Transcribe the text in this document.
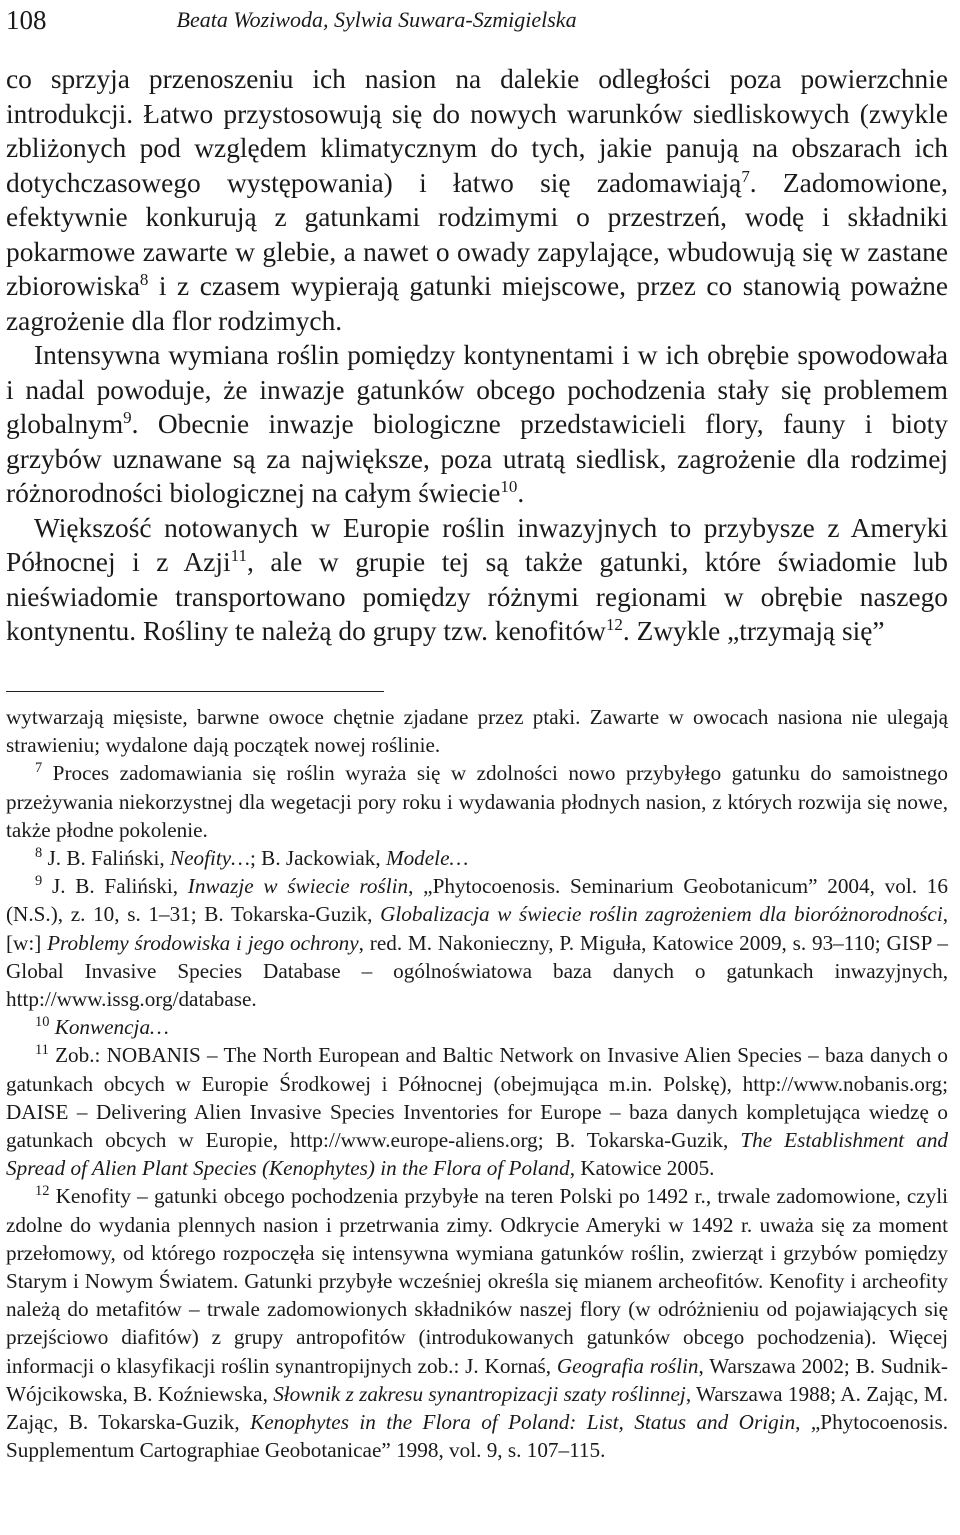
108	Beata Woziwoda, Sylwia Suwara-Szmigielska

co sprzyja przenoszeniu ich nasion na dalekie odległości poza powierzchnie introdukcji. Łatwo przystosowują się do nowych warunków siedliskowych (zwykle zbliżonych pod względem klimatycznym do tych, jakie panują na obszarach ich dotychczasowego występowania) i łatwo się zadomawiają$^7$. Zadomowione, efektywnie konkurują z gatunkami rodzimymi o przestrzeń, wodę i składniki pokarmowe zawarte w glebie, a nawet o owady zapylające, wbudowują się w zastane zbiorowiska$^8$ i z czasem wypierają gatunki miejscowe, przez co stanowią poważne zagrożenie dla flor rodzimych.

Intensywna wymiana roślin pomiędzy kontynentami i w ich obrębie spowodowała i nadal powoduje, że inwazje gatunków obcego pochodzenia stały się problemem globalnym$^9$. Obecnie inwazje biologiczne przedstawicieli flory, fauny i bioty grzybów uznawane są za największe, poza utratą siedlisk, zagrożenie dla rodzimej różnorodności biologicznej na całym świecie$^{10}$.

Większość notowanych w Europie roślin inwazyjnych to przybysze z Ameryki Północnej i z Azji$^{11}$, ale w grupie tej są także gatunki, które świadomie lub nieświadomie transportowano pomiędzy różnymi regionami w obrębie naszego kontynentu. Rośliny te należą do grupy tzw. kenofitów$^{12}$. Zwykle „trzymają się”

wytwarzają mięsiste, barwne owoce chętnie zjadane przez ptaki. Zawarte w owocach nasiona nie ulegają strawieniu; wydalone dają początek nowej roślinie.

$^7$ Proces zadomawiania się roślin wyraża się w zdolności nowo przybyłego gatunku do samoistnego przeżywania niekorzystnej dla wegetacji pory roku i wydawania płodnych nasion, z których rozwija się nowe, także płodne pokolenie.

$^8$ J. B. Faliński, Neofity…; B. Jackowiak, Modele…

$^9$ J. B. Faliński, Inwazje w świecie roślin, „Phytocoenosis. Seminarium Geobotanicum” 2004, vol. 16 (N.S.), z. 10, s. 1–31; B. Tokarska-Guzik, Globalizacja w świecie roślin zagrożeniem dla bioróżnorodności, [w:] Problemy środowiska i jego ochrony, red. M. Nakonieczny, P. Miguła, Katowice 2009, s. 93–110; GISP – Global Invasive Species Database – ogólnoświatowa baza danych o gatunkach inwazyjnych, http://www.issg.org/database.

$^{10}$ Konwencja…

$^{11}$ Zob.: NOBANIS – The North European and Baltic Network on Invasive Alien Species – baza danych o gatunkach obcych w Europie Środkowej i Północnej (obejmująca m.in. Polskę), http://www.nobanis.org; DAISE – Delivering Alien Invasive Species Inventories for Europe – baza danych kompletująca wiedzę o gatunkach obcych w Europie, http://www.europe-aliens.org; B. Tokarska-Guzik, The Establishment and Spread of Alien Plant Species (Kenophytes) in the Flora of Poland, Katowice 2005.

$^{12}$ Kenofity – gatunki obcego pochodzenia przybyłe na teren Polski po 1492 r., trwale zadomowione, czyli zdolne do wydania plennych nasion i przetrwania zimy. Odkrycie Ameryki w 1492 r. uważa się za moment przełomowy, od którego rozpoczęła się intensywna wymiana gatunków roślin, zwierząt i grzybów pomiędzy Starym i Nowym Światem. Gatunki przybyłe wcześniej określa się mianem archeofitów. Kenofity i archeofity należą do metafitów – trwale zadomowionych składników naszej flory (w odróżnieniu od pojawiających się przejściowo diafitów) z grupy antropofitów (introdukowanych gatunków obcego pochodzenia). Więcej informacji o klasyfikacji roślin synantropijnych zob.: J. Kornaś, Geografia roślin, Warszawa 2002; B. Sudnik-Wójcikowska, B. Koźniewska, Słownik z zakresu synantropizacji szaty roślinnej, Warszawa 1988; A. Zając, M. Zając, B. Tokarska-Guzik, Kenophytes in the Flora of Poland: List, Status and Origin, „Phytocoenosis. Supplementum Cartographiae Geobotanicae” 1998, vol. 9, s. 107–115.
